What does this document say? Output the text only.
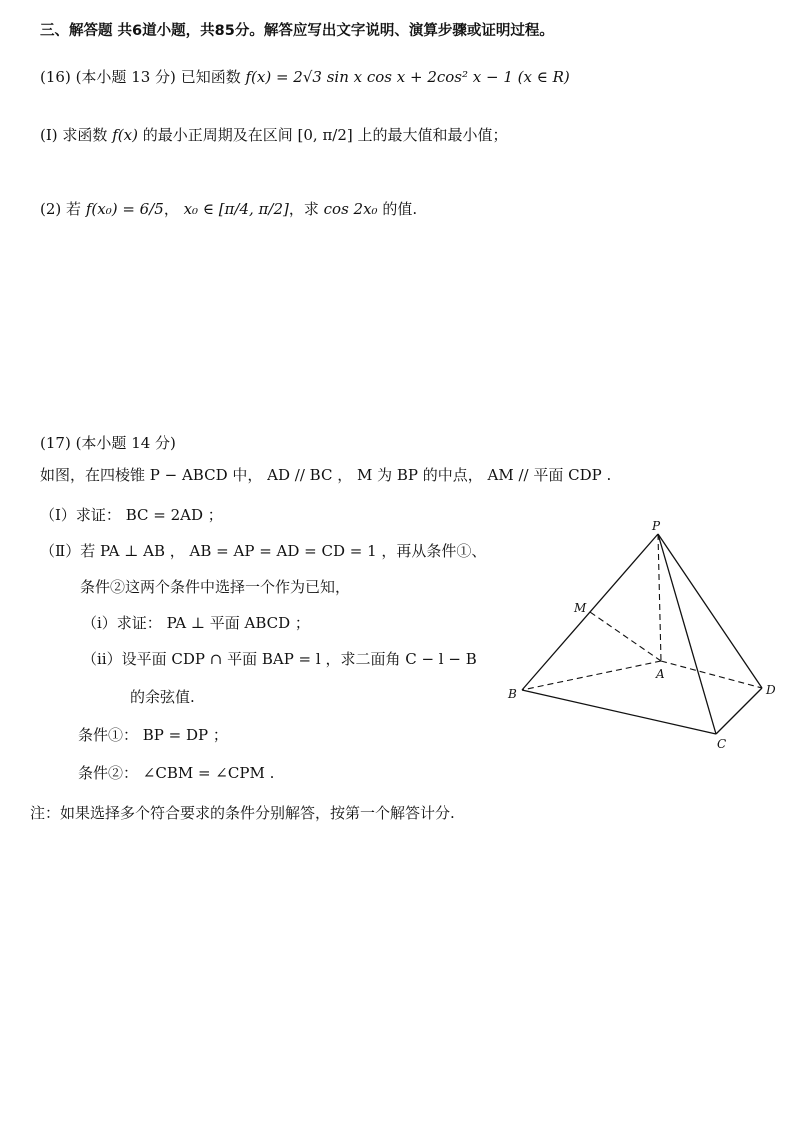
三、解答题 共6道小题，共85分。解答应写出文字说明、演算步骤或证明过程。
(16) (本小题 13 分) 已知函数 f(x) = 2√3 sin x cos x + 2cos² x − 1 (x ∈ R)
(Ⅰ) 求函数 f(x) 的最小正周期及在区间 [0, π/2] 上的最大值和最小值；
(2) 若 f(x₀) = 6/5， x₀ ∈ [π/4, π/2]，求 cos 2x₀ 的值.
(17) (本小题 14 分)
如图，在四棱锥 P − ABCD 中， AD // BC ， M 为 BP 的中点， AM // 平面 CDP .
（Ⅰ）求证： BC = 2AD ；
（Ⅱ）若 PA ⊥ AB ， AB = AP = AD = CD = 1 ，再从条件①、
条件②这两个条件中选择一个作为已知，
（ⅰ）求证： PA ⊥ 平面 ABCD ；
（ⅱ）设平面 CDP ∩ 平面 BAP = l ，求二面角 C − l − B
的余弦值.
条件①： BP = DP ；
条件②： ∠CBM = ∠CPM .
注：如果选择多个符合要求的条件分别解答，按第一个解答计分.
P
M
A
B
C
D
